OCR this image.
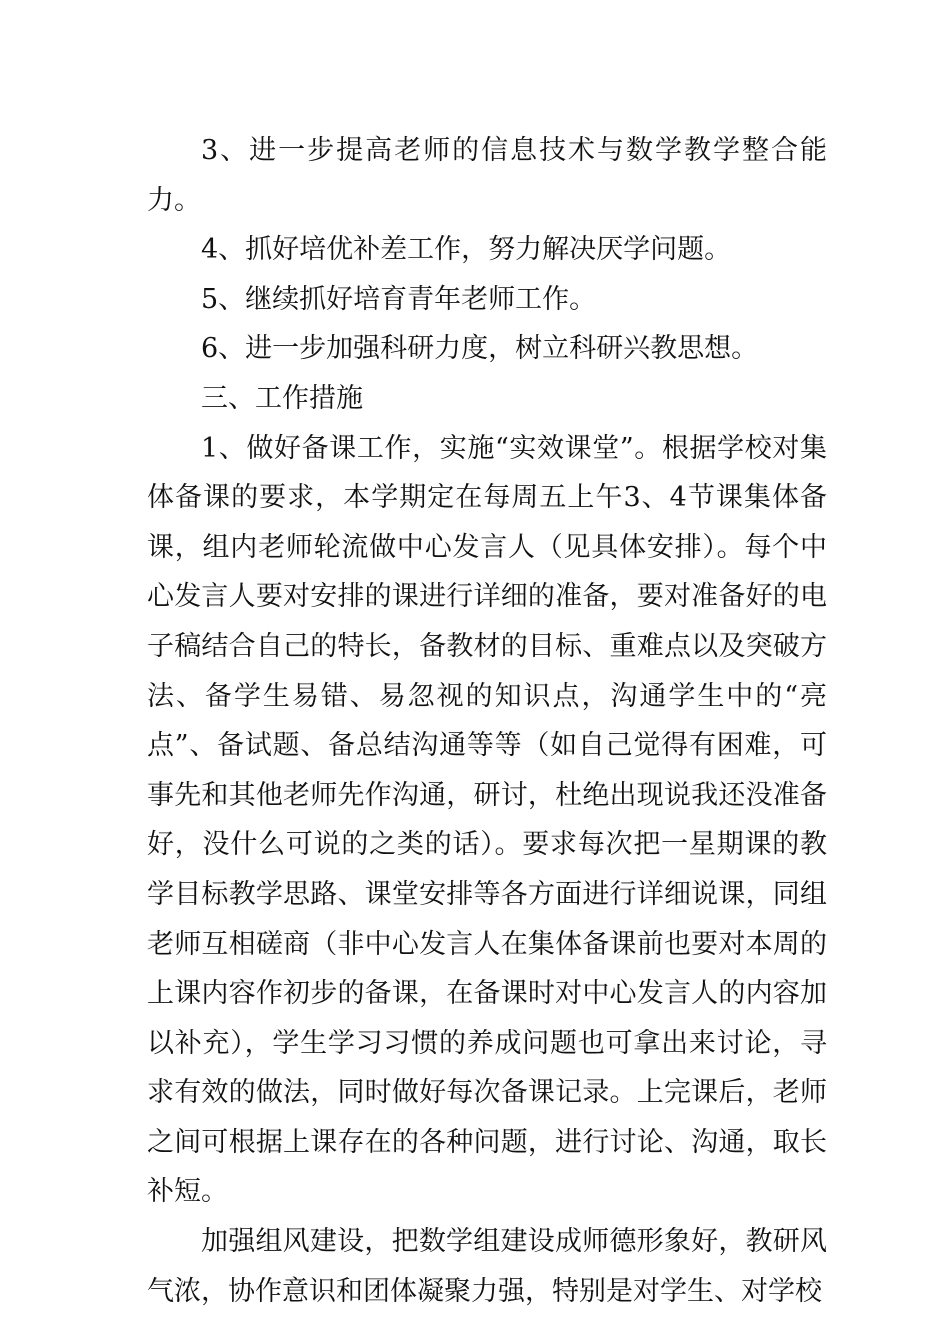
3、进一步提高老师的信息技术与数学教学整合能力。

4、抓好培优补差工作，努力解决厌学问题。

5、继续抓好培育青年老师工作。

6、进一步加强科研力度，树立科研兴教思想。

三、工作措施

1、做好备课工作，实施“实效课堂”。根据学校对集体备课的要求，本学期定在每周五上午3、4节课集体备课，组内老师轮流做中心发言人（见具体安排）。每个中心发言人要对安排的课进行详细的准备，要对准备好的电子稿结合自己的特长，备教材的目标、重难点以及突破方法、备学生易错、易忽视的知识点，沟通学生中的“亮点”、备试题、备总结沟通等等（如自己觉得有困难，可事先和其他老师先作沟通，研讨，杜绝出现说我还没准备好，没什么可说的之类的话）。要求每次把一星期课的教学目标教学思路、课堂安排等各方面进行详细说课，同组老师互相磋商（非中心发言人在集体备课前也要对本周的上课内容作初步的备课，在备课时对中心发言人的内容加以补充），学生学习习惯的养成问题也可拿出来讨论，寻求有效的做法，同时做好每次备课记录。上完课后，老师之间可根据上课存在的各种问题，进行讨论、沟通，取长补短。

加强组风建设，把数学组建设成师德形象好，教研风气浓，协作意识和团体凝聚力强，特别是对学生、对学校
